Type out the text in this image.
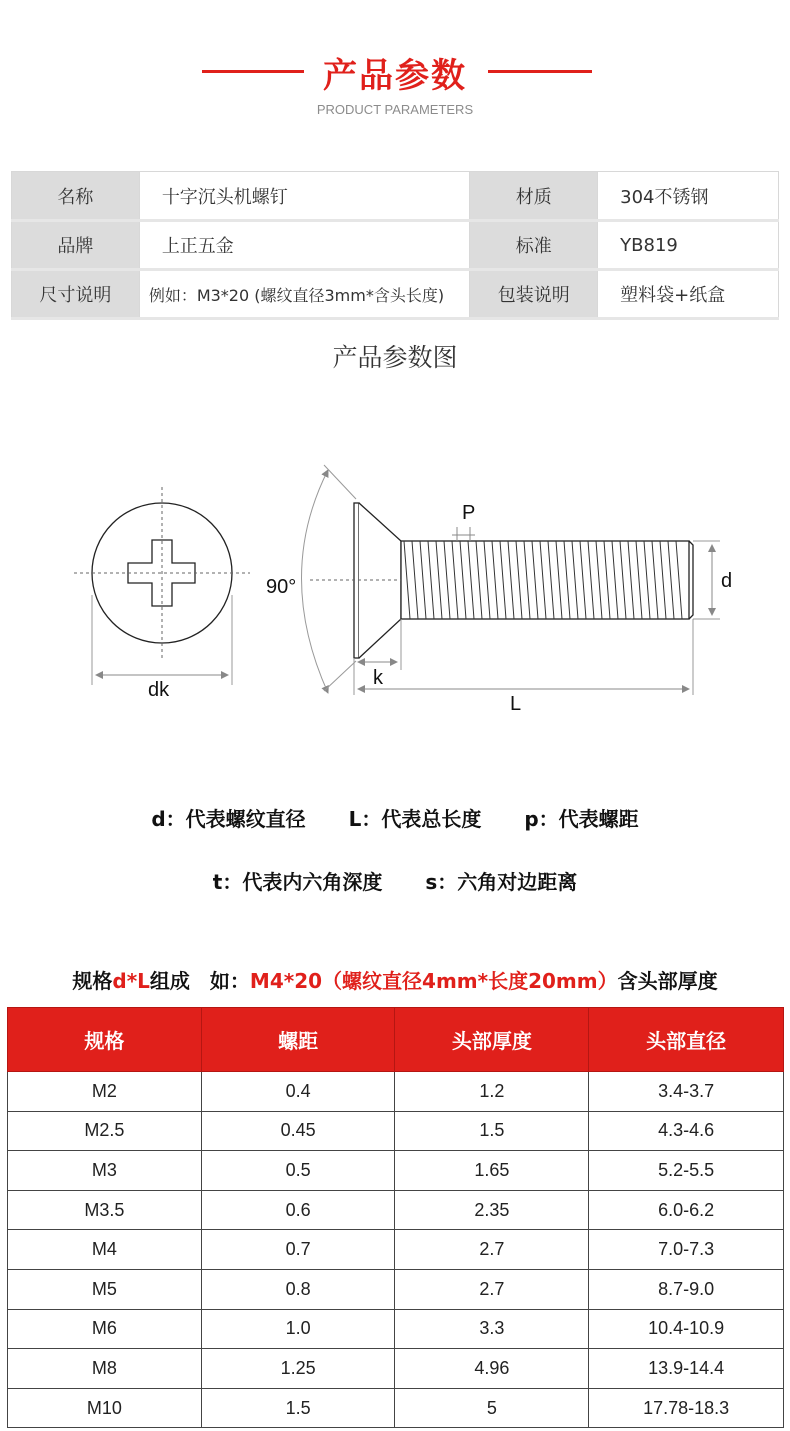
产品参数
PRODUCT PARAMETERS
名称	十字沉头机螺钉	材质	304不锈钢
品牌	上正五金	标准	YB819
尺寸说明	例如：M3*20 (螺纹直径3mm*含头长度)	包装说明	塑料袋+纸盒
产品参数图
dk
90°
P
d
k
L
d：代表螺纹直径 L：代表总长度 p：代表螺距
t：代表内六角深度 s：六角对边距离
规格d*L组成　如：M4*20（螺纹直径4mm*长度20mm）含头部厚度
规格	螺距	头部厚度	头部直径
M2	0.4	1.2	3.4-3.7
M2.5	0.45	1.5	4.3-4.6
M3	0.5	1.65	5.2-5.5
M3.5	0.6	2.35	6.0-6.2
M4	0.7	2.7	7.0-7.3
M5	0.8	2.7	8.7-9.0
M6	1.0	3.3	10.4-10.9
M8	1.25	4.96	13.9-14.4
M10	1.5	5	17.78-18.3
